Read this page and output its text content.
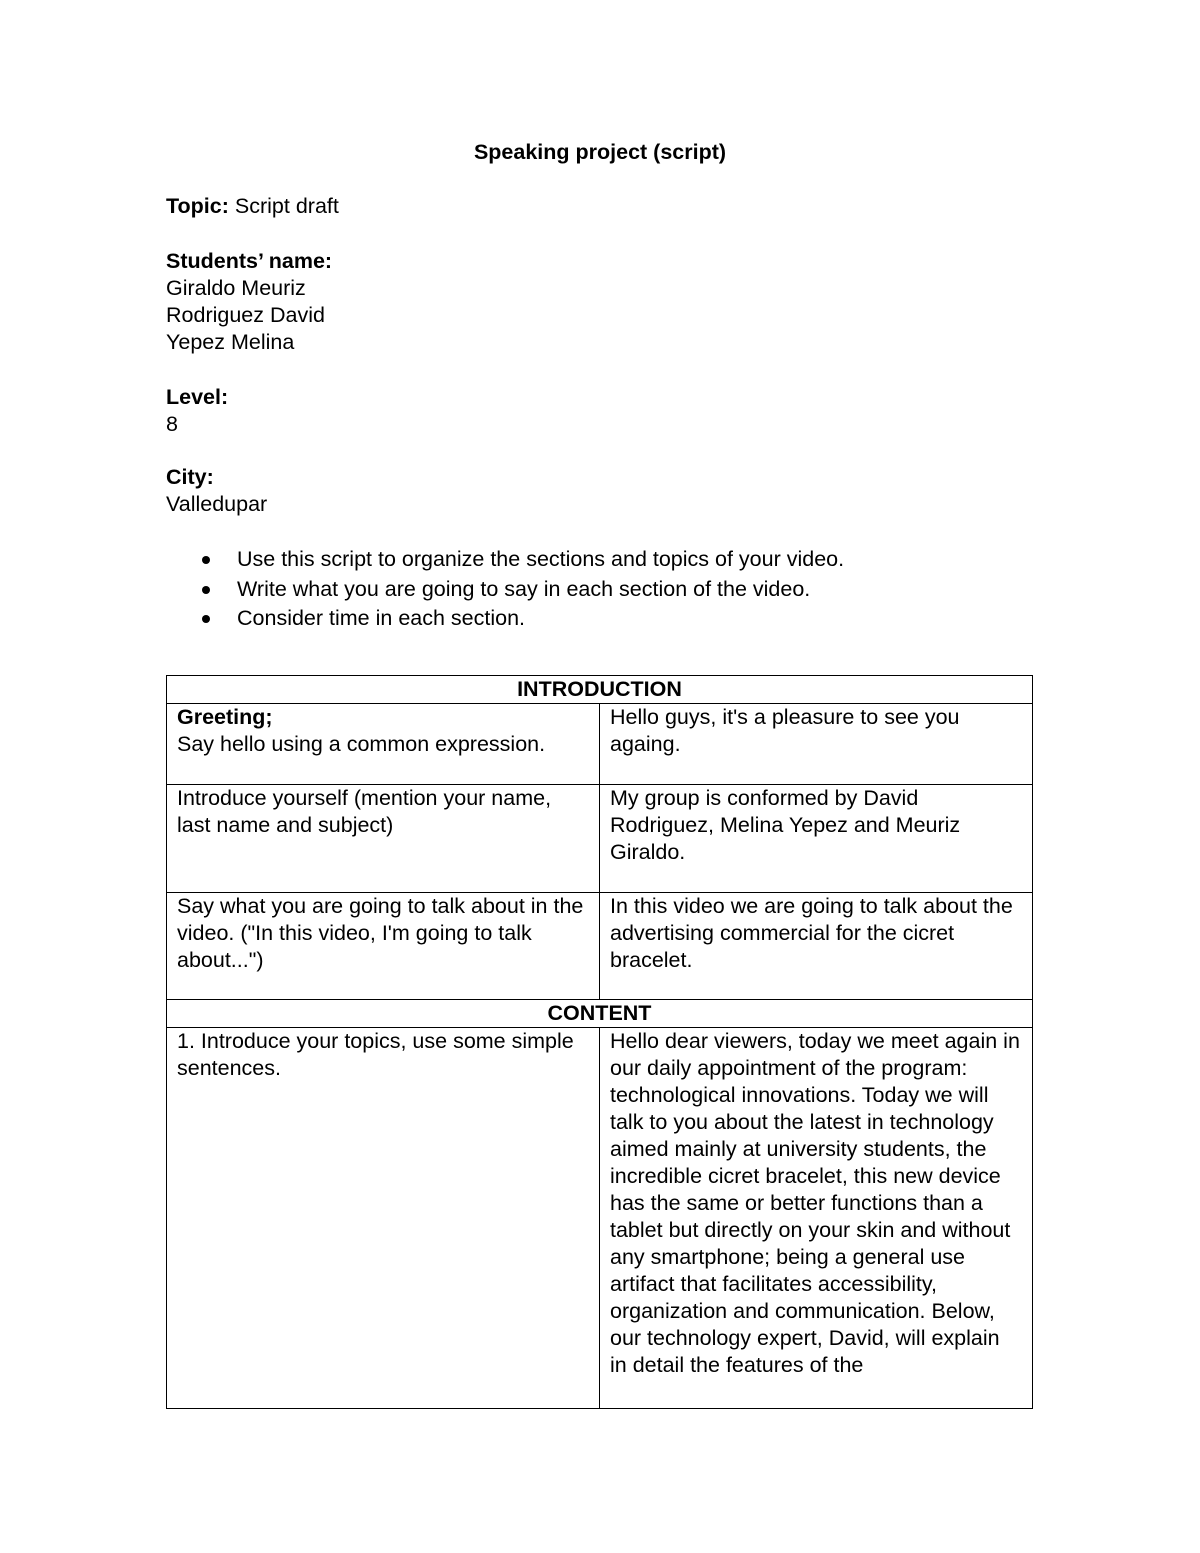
Speaking project (script)
Topic: Script draft
Students’ name:
Giraldo Meuriz
Rodriguez David
Yepez Melina
Level:
8
City:
Valledupar
Use this script to organize the sections and topics of your video.
Write what you are going to say in each section of the video.
Consider time in each section.
INTRODUCTION	

Greeting;
Say hello using a common expression.	Hello guys, it's a pleasure to see you againg.
Introduce yourself (mention your name, last name and subject)	My group is conformed by David Rodriguez, Melina Yepez and Meuriz Giraldo.
Say what you are going to talk about in the video. ("In this video, I'm going to talk about...")	In this video we are going to talk about the advertising commercial for the cicret bracelet.
CONTENT	
1. Introduce your topics, use some simple sentences.	Hello dear viewers, today we meet again in our daily appointment of the program: technological innovations. Today we will talk to you about the latest in technology aimed mainly at university students, the incredible cicret bracelet, this new device has the same or better functions than a tablet but directly on your skin and without any smartphone; being a general use artifact that facilitates accessibility, organization and communication. Below, our technology expert, David, will explain in detail the features of the
